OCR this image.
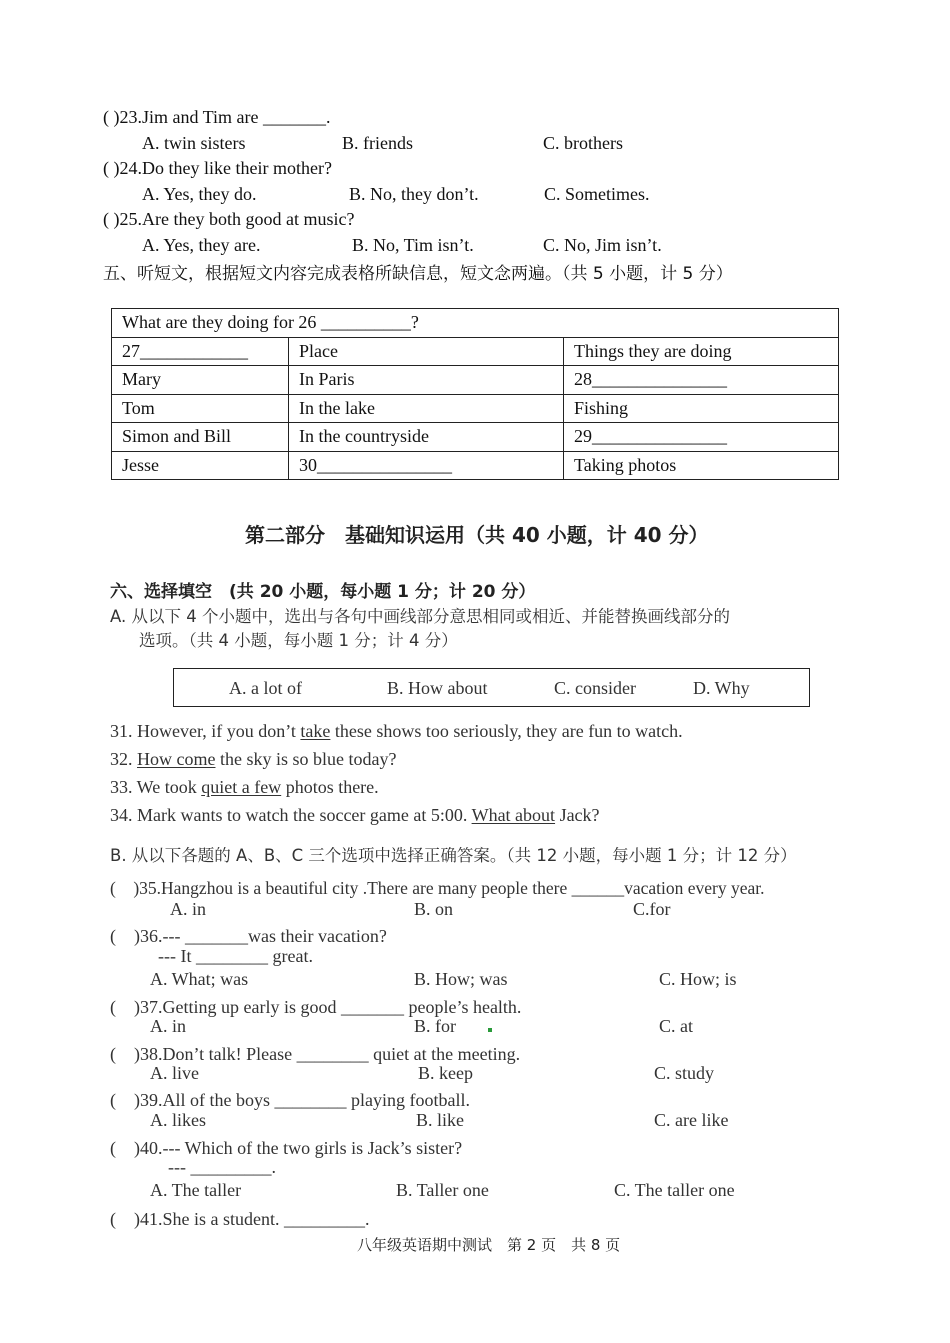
( )23.Jim and Tim are _______.
A. twin sisters	B. friends	C. brothers
( )24.Do they like their mother?
A. Yes, they do.	B. No, they don’t.	C. Sometimes.
( )25.Are they both good at music?
A. Yes, they are.	B. No, Tim isn’t.	C. No, Jim isn’t.
五、听短文，根据短文内容完成表格所缺信息，短文念两遍。（共 5 小题，计 5 分）
What are they doing for 26 __________?		
27____________	Place	Things they are doing
Mary	In Paris	28_______________
Tom	In the lake	Fishing
Simon and Bill	In the countryside	29_______________
Jesse	30_______________	Taking photos
第二部分　基础知识运用（共 40 小题，计 40 分）
六、选择填空　(共 20 小题，每小题 1 分；计 20 分）
A. 从以下 4 个小题中，选出与各句中画线部分意思相同或相近、并能替换画线部分的
选项。（共 4 小题，每小题 1 分；计 4 分）
A. a lot of	B. How about	C. consider	D. Why
31. However, if you don’t take these shows too seriously, they are fun to watch.
32. How come the sky is so blue today?
33. We took quiet a few photos there.
34. Mark wants to watch the soccer game at 5:00. What about Jack?
B. 从以下各题的 A、B、C 三个选项中选择正确答案。（共 12 小题，每小题 1 分；计 12 分）
(　)35.Hangzhou is a beautiful city .There are many people there ______vacation every year.
A. in	B. on	C.for
(　)36.--- _______was their vacation?
--- It ________ great.
A. What; was	B. How; was	C. How; is
(　)37.Getting up early is good _______ people’s health.
A. in	B. for	C. at
(　)38.Don’t talk! Please ________ quiet at the meeting.
A. live	B. keep	C. study
(　)39.All of the boys ________ playing football.
A. likes	B. like	C. are like
(　)40.--- Which of the two girls is Jack’s sister?
--- _________.
A. The taller	B. Taller one	C. The taller one
(　)41.She is a student. _________.
八年级英语期中测试　第 2 页　共 8 页
